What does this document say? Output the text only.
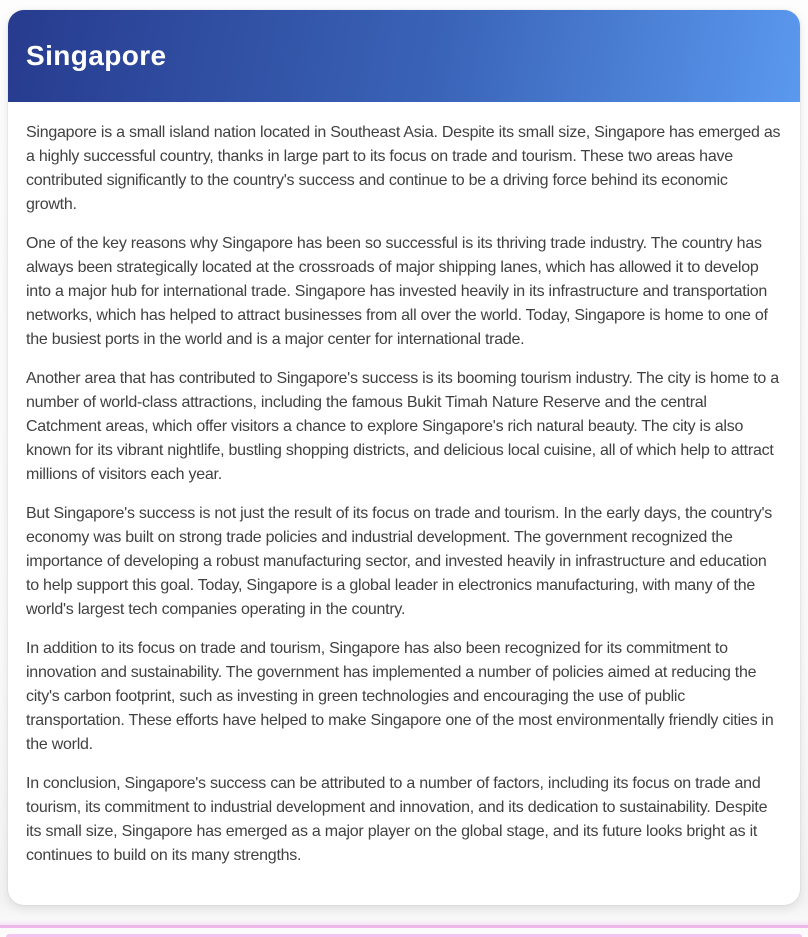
Singapore

Singapore is a small island nation located in Southeast Asia. Despite its small size, Singapore has emerged as a highly successful country, thanks in large part to its focus on trade and tourism. These two areas have contributed significantly to the country's success and continue to be a driving force behind its economic growth.

One of the key reasons why Singapore has been so successful is its thriving trade industry. The country has always been strategically located at the crossroads of major shipping lanes, which has allowed it to develop into a major hub for international trade. Singapore has invested heavily in its infrastructure and transportation networks, which has helped to attract businesses from all over the world. Today, Singapore is home to one of the busiest ports in the world and is a major center for international trade.

Another area that has contributed to Singapore's success is its booming tourism industry. The city is home to a number of world-class attractions, including the famous Bukit Timah Nature Reserve and the central Catchment areas, which offer visitors a chance to explore Singapore's rich natural beauty. The city is also known for its vibrant nightlife, bustling shopping districts, and delicious local cuisine, all of which help to attract millions of visitors each year.

But Singapore's success is not just the result of its focus on trade and tourism. In the early days, the country's economy was built on strong trade policies and industrial development. The government recognized the importance of developing a robust manufacturing sector, and invested heavily in infrastructure and education to help support this goal. Today, Singapore is a global leader in electronics manufacturing, with many of the world's largest tech companies operating in the country.

In addition to its focus on trade and tourism, Singapore has also been recognized for its commitment to innovation and sustainability. The government has implemented a number of policies aimed at reducing the city's carbon footprint, such as investing in green technologies and encouraging the use of public transportation. These efforts have helped to make Singapore one of the most environmentally friendly cities in the world.

In conclusion, Singapore's success can be attributed to a number of factors, including its focus on trade and tourism, its commitment to industrial development and innovation, and its dedication to sustainability. Despite its small size, Singapore has emerged as a major player on the global stage, and its future looks bright as it continues to build on its many strengths.
